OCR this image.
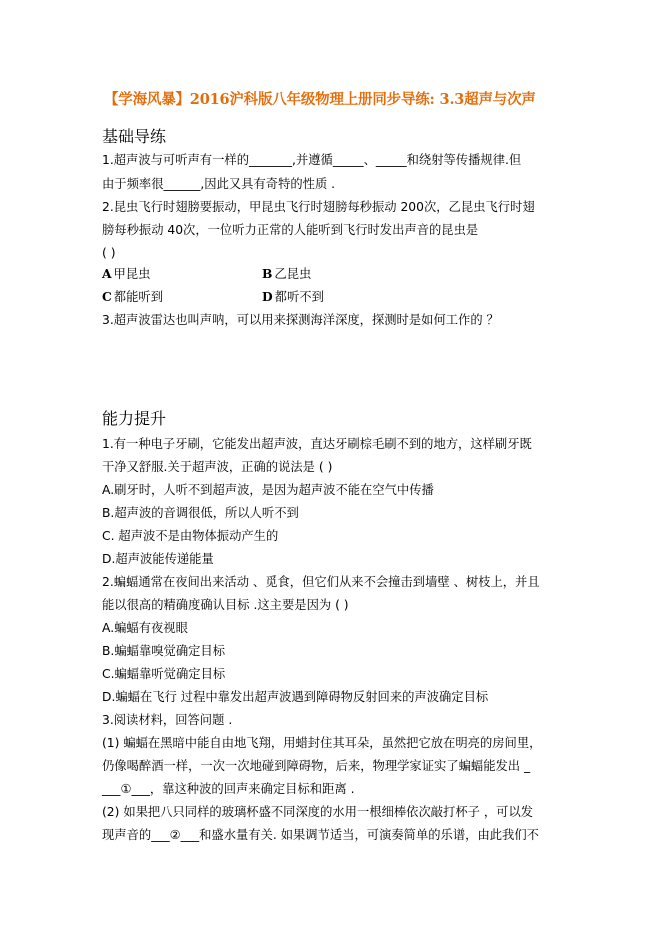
【学海风暴】2016沪科版八年级物理上册同步导练: 3.3超声与次声
基础导练
1.超声波与可听声有一样的_______,并遵循_____、_____和绕射等传播规律.但
由于频率很______,因此又具有奇特的性质 .
2.昆虫飞行时翅膀要振动，甲昆虫飞行时翅膀每秒振动 200次，乙昆虫飞行时翅
膀每秒振动 40次，一位听力正常的人能听到飞行时发出声音的昆虫是
( )
A 甲昆虫	B 乙昆虫
C 都能听到	D 都听不到
3.超声波雷达也叫声呐，可以用来探测海洋深度，探测时是如何工作的 ？
能力提升
1.有一种电子牙刷，它能发出超声波，直达牙刷棕毛刷不到的地方，这样刷牙既
干净又舒服.关于超声波，正确的说法是 ( )
A.刷牙时，人听不到超声波，是因为超声波不能在空气中传播
B.超声波的音调很低，所以人听不到
C. 超声波不是由物体振动产生的
D.超声波能传递能量
2.蝙蝠通常在夜间出来活动 、觅食，但它们从来不会撞击到墙壁 、树枝上，并且
能以很高的精确度确认目标 .这主要是因为 ( )
A.蝙蝠有夜视眼
B.蝙蝠靠嗅觉确定目标
C.蝙蝠靠听觉确定目标
D.蝙蝠在飞行 过程中靠发出超声波遇到障碍物反射回来的声波确定目标
3.阅读材料，回答问题 .
(1) 蝙蝠在黑暗中能自由地飞翔，用蜡封住其耳朵，虽然把它放在明亮的房间里，
仍像喝醉酒一样，一次一次地碰到障碍物，后来，物理学家证实了蝙蝠能发出 _
___①___，靠这种波的回声来确定目标和距离 .
(2) 如果把八只同样的玻璃杯盛不同深度的水用一根细棒依次敲打杯子 ，可以发
现声音的___②___和盛水量有关. 如果调节适当，可演奏简单的乐谱，由此我们不
